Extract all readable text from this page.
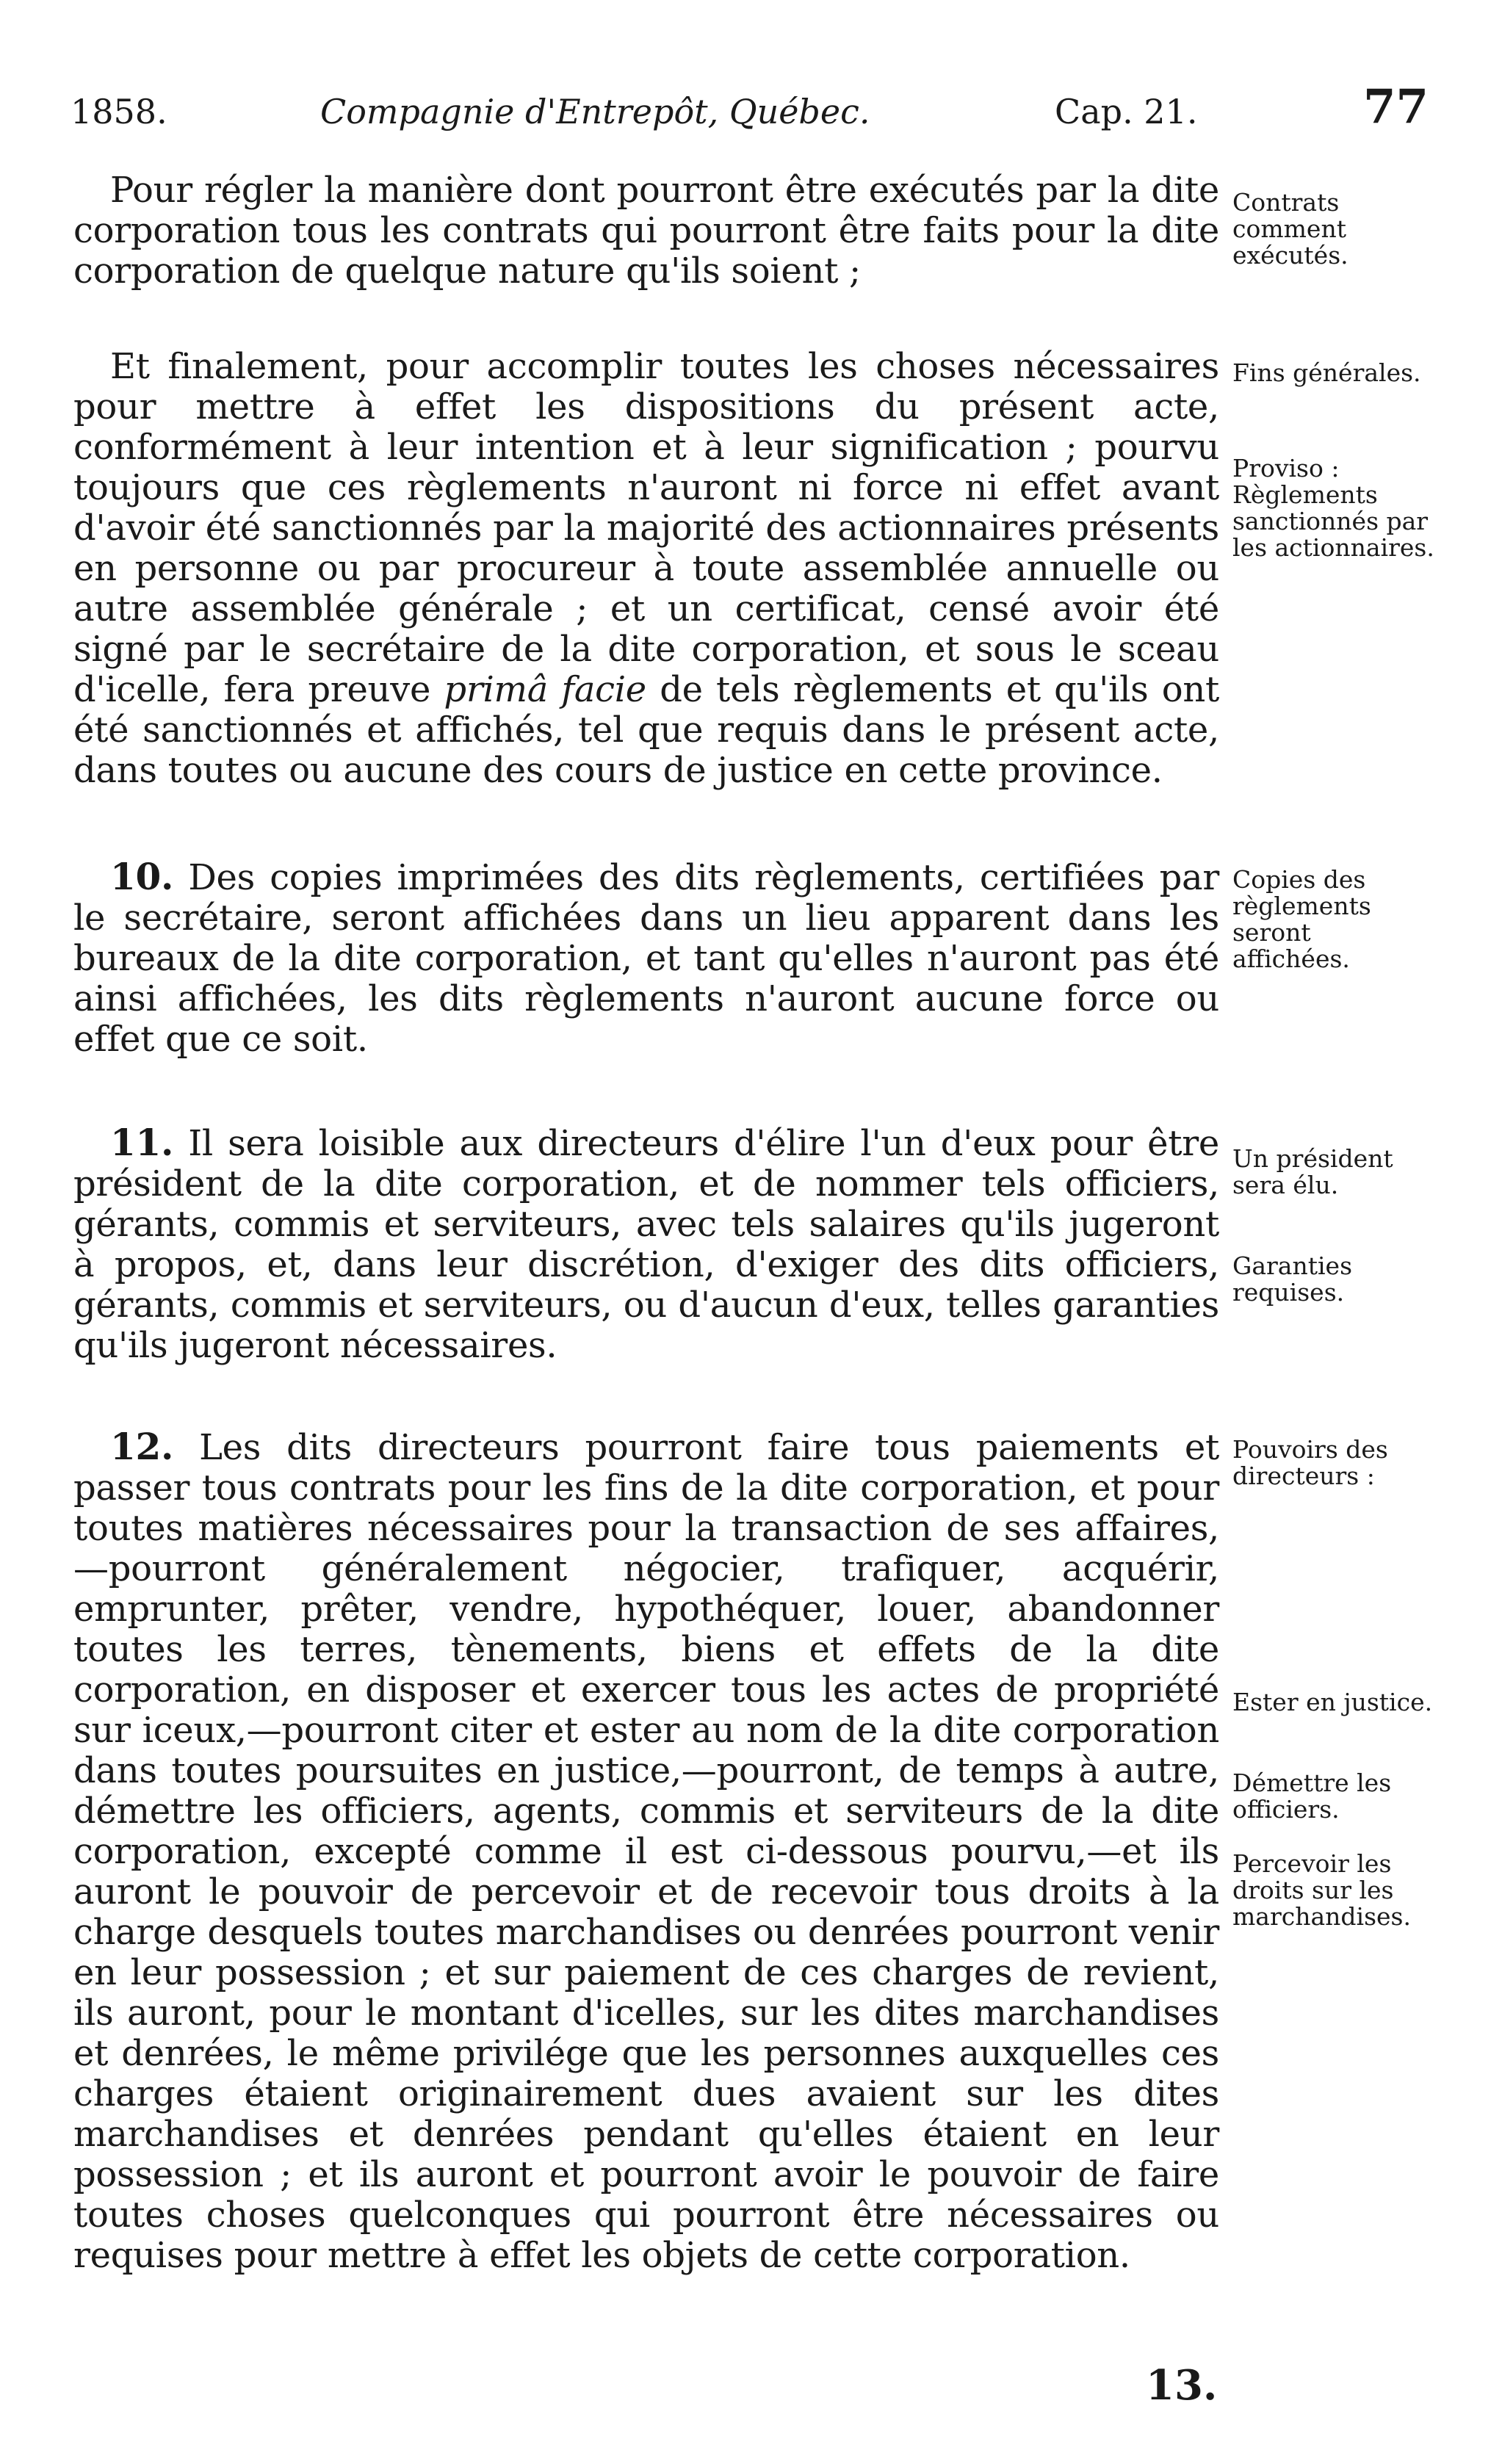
1858.	Compagnie d'Entrepôt, Québec.	Cap. 21.	77

Pour régler la manière dont pourront être exécutés par la dite corporation tous les contrats qui pourront être faits pour la dite corporation de quelque nature qu'ils soient ;

Et finalement, pour accomplir toutes les choses nécessaires pour mettre à effet les dispositions du présent acte, conformément à leur intention et à leur signification ; pourvu toujours que ces règlements n'auront ni force ni effet avant d'avoir été sanctionnés par la majorité des actionnaires présents en personne ou par procureur à toute assemblée annuelle ou autre assemblée générale ; et un certificat, censé avoir été signé par le secrétaire de la dite corporation, et sous le sceau d'icelle, fera preuve primâ facie de tels règlements et qu'ils ont été sanctionnés et affichés, tel que requis dans le présent acte, dans toutes ou aucune des cours de justice en cette province.

10. Des copies imprimées des dits règlements, certifiées par le secrétaire, seront affichées dans un lieu apparent dans les bureaux de la dite corporation, et tant qu'elles n'auront pas été ainsi affichées, les dits règlements n'auront aucune force ou effet que ce soit.

11. Il sera loisible aux directeurs d'élire l'un d'eux pour être président de la dite corporation, et de nommer tels officiers, gérants, commis et serviteurs, avec tels salaires qu'ils jugeront à propos, et, dans leur discrétion, d'exiger des dits officiers, gérants, commis et serviteurs, ou d'aucun d'eux, telles garanties qu'ils jugeront nécessaires.

12. Les dits directeurs pourront faire tous paiements et passer tous contrats pour les fins de la dite corporation, et pour toutes matières nécessaires pour la transaction de ses affaires,—pourront généralement négocier, trafiquer, acquérir, emprunter, prêter, vendre, hypothéquer, louer, abandonner toutes les terres, tènements, biens et effets de la dite corporation, en disposer et exercer tous les actes de propriété sur iceux,—pourront citer et ester au nom de la dite corporation dans toutes poursuites en justice,—pourront, de temps à autre, démettre les officiers, agents, commis et serviteurs de la dite corporation, excepté comme il est ci-dessous pourvu,—et ils auront le pouvoir de percevoir et de recevoir tous droits à la charge desquels toutes marchandises ou denrées pourront venir en leur possession ; et sur paiement de ces charges de revient, ils auront, pour le montant d'icelles, sur les dites marchandises et denrées, le même privilége que les personnes auxquelles ces charges étaient originairement dues avaient sur les dites marchandises et denrées pendant qu'elles étaient en leur possession ; et ils auront et pourront avoir le pouvoir de faire toutes choses quelconques qui pourront être nécessaires ou requises pour mettre à effet les objets de cette corporation.

Contrats comment exécutés.
Fins générales.
Proviso : Règlements sanctionnés par les actionnaires.
Copies des règlements seront affichées.
Un président sera élu.
Garanties requises.
Pouvoirs des directeurs :
Ester en justice.
Démettre les officiers.
Percevoir les droits sur les marchandises.
13.
